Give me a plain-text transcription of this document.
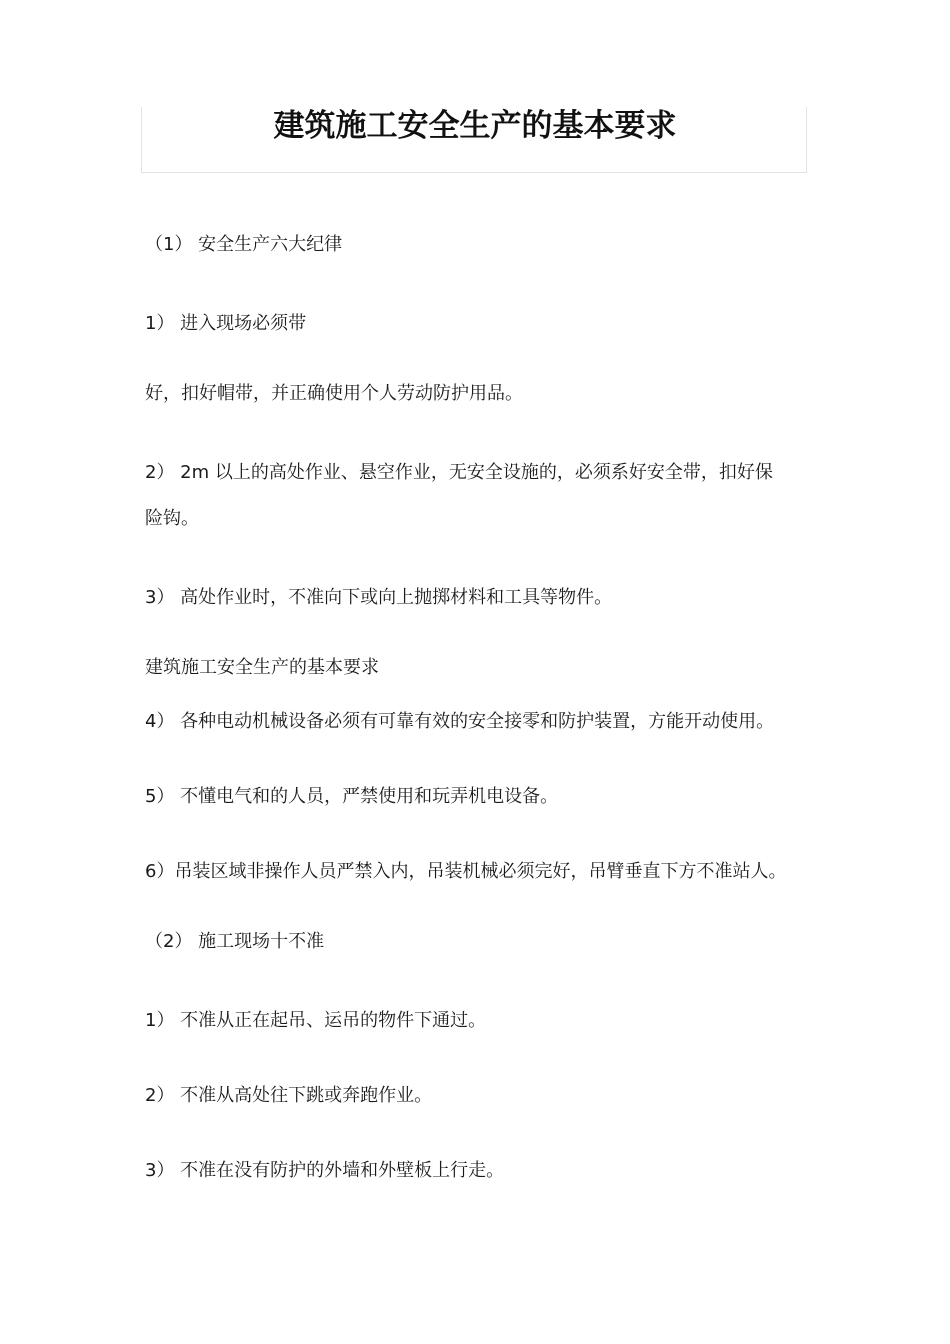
建筑施工安全生产的基本要求
（1） 安全生产六大纪律
1） 进入现场必须带
好，扣好帽带，并正确使用个人劳动防护用品。
2） 2m 以上的高处作业、悬空作业，无安全设施的，必须系好安全带，扣好保
险钩。
3） 高处作业时，不准向下或向上抛掷材料和工具等物件。
建筑施工安全生产的基本要求
4） 各种电动机械设备必须有可靠有效的安全接零和防护装置，方能开动使用。
5） 不懂电气和的人员，严禁使用和玩弄机电设备。
6）吊装区域非操作人员严禁入内，吊装机械必须完好，吊臂垂直下方不准站人。
（2） 施工现场十不准
1） 不准从正在起吊、运吊的物件下通过。
2） 不准从高处往下跳或奔跑作业。
3） 不准在没有防护的外墙和外壁板上行走。
